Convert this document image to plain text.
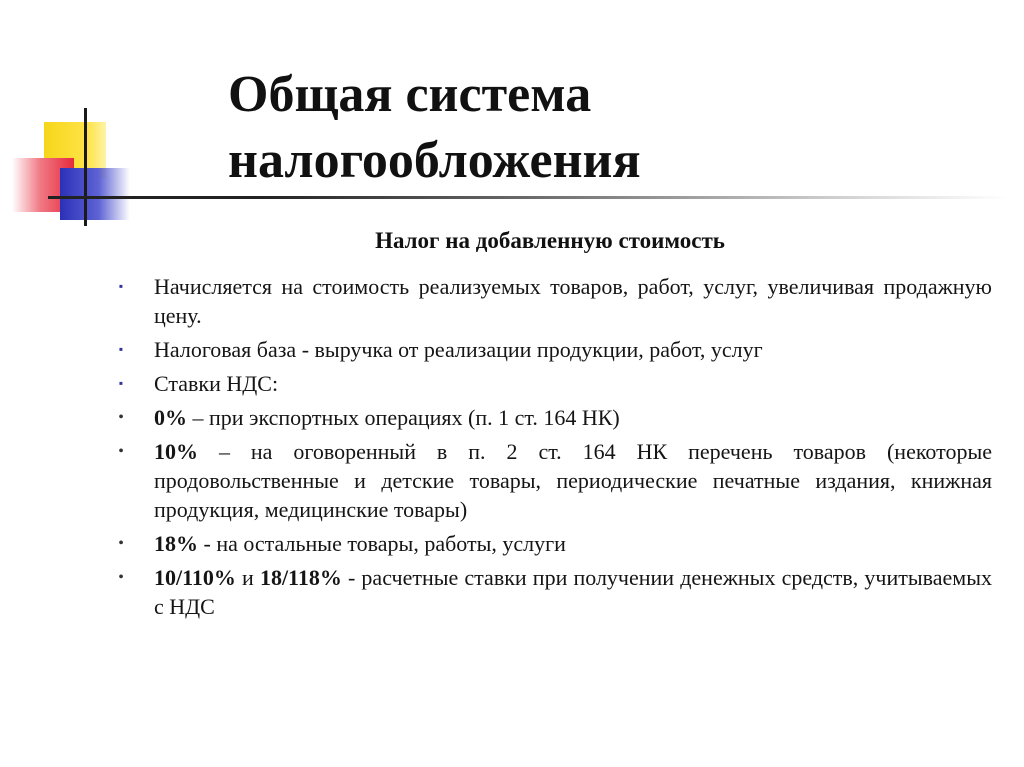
Общая система
налогообложения
Налог на добавленную стоимость
▪ Начисляется на стоимость реализуемых товаров, работ, услуг, увеличивая продажную цену.
▪ Налоговая база - выручка от реализации продукции, работ, услуг
▪ Ставки НДС:
• 0% – при экспортных операциях (п. 1 ст. 164 НК)
• 10% – на оговоренный в п. 2 ст. 164 НК перечень товаров (некоторые продовольственные и детские товары, периодические печатные издания, книжная продукция, медицинские товары)
• 18% - на остальные товары, работы, услуги
• 10/110% и 18/118% - расчетные ставки при получении денежных средств, учитываемых с НДС
